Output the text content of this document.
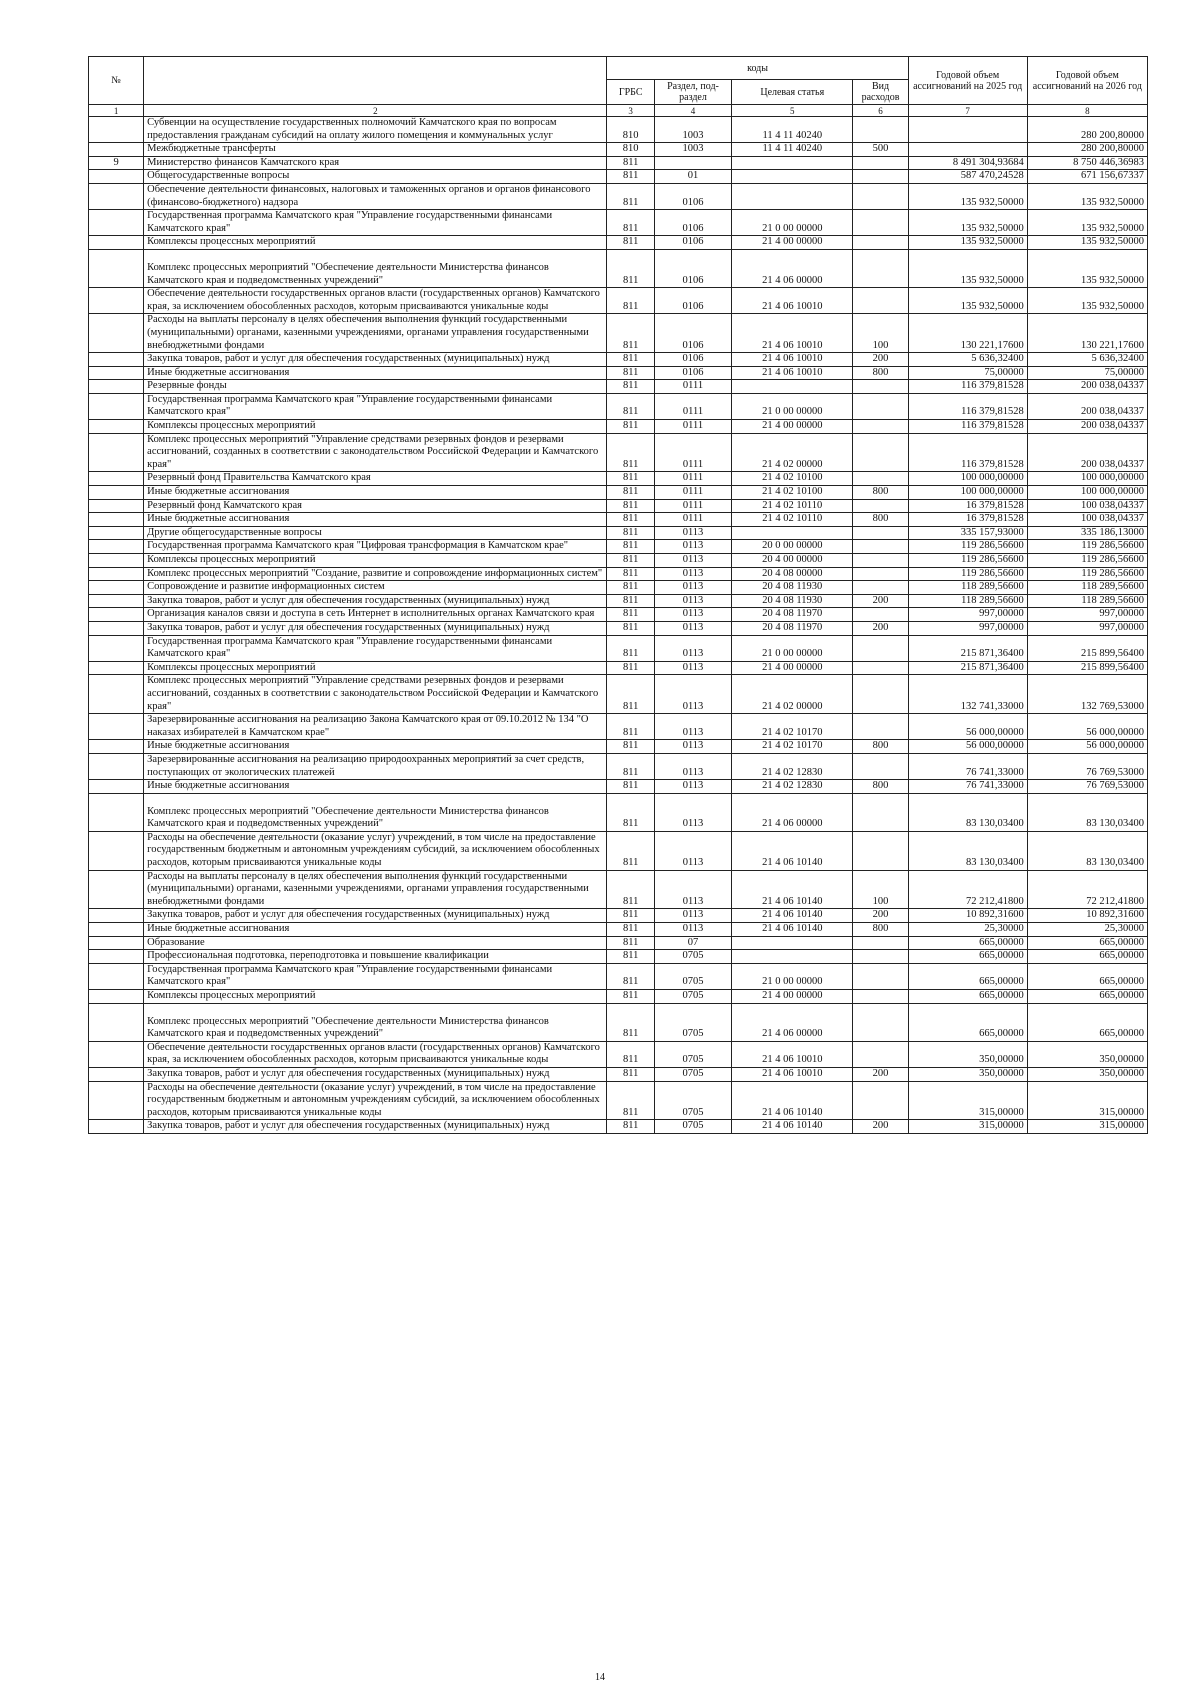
№		коды				Годовой объем ассигнований на 2025 год	Годовой объем ассигнований на 2026 год
		ГРБС	Раздел, под-раздел	Целевая статья	Вид расходов		
1	2	3	4	5	6	7	8
	Субвенции на осуществление государственных полномочий Камчатского края по вопросам предоставления гражданам субсидий на оплату жилого помещения и коммунальных услуг	810	1003	11 4 11 40240			280 200,80000
	Межбюджетные трансферты	810	1003	11 4 11 40240	500		280 200,80000
9	Министерство финансов Камчатского края	811				8 491 304,93684	8 750 446,36983
	Общегосударственные вопросы	811	01			587 470,24528	671 156,67337
	Обеспечение деятельности финансовых, налоговых и таможенных органов и органов финансового (финансово-бюджетного) надзора	811	0106			135 932,50000	135 932,50000
	Государственная программа Камчатского края "Управление государственными финансами Камчатского края"	811	0106	21 0 00 00000		135 932,50000	135 932,50000
	Комплексы процессных мероприятий	811	0106	21 4 00 00000		135 932,50000	135 932,50000
	Комплекс процессных мероприятий "Обеспечение деятельности Министерства финансов Камчатского края и подведомственных учреждений"	811	0106	21 4 06 00000		135 932,50000	135 932,50000
	Обеспечение деятельности государственных органов власти (государственных органов) Камчатского края, за исключением обособленных расходов, которым присваиваются уникальные коды	811	0106	21 4 06 10010		135 932,50000	135 932,50000
	Расходы на выплаты персоналу в целях обеспечения выполнения функций государственными (муниципальными) органами, казенными учреждениями, органами управления государственными внебюджетными фондами	811	0106	21 4 06 10010	100	130 221,17600	130 221,17600
	Закупка товаров, работ и услуг для обеспечения государственных (муниципальных) нужд	811	0106	21 4 06 10010	200	5 636,32400	5 636,32400
	Иные бюджетные ассигнования	811	0106	21 4 06 10010	800	75,00000	75,00000
	Резервные фонды	811	0111			116 379,81528	200 038,04337
	Государственная программа Камчатского края "Управление государственными финансами Камчатского края"	811	0111	21 0 00 00000		116 379,81528	200 038,04337
	Комплексы процессных мероприятий	811	0111	21 4 00 00000		116 379,81528	200 038,04337
	Комплекс процессных мероприятий "Управление средствами резервных фондов и резервами ассигнований, созданных в соответствии с законодательством Российской Федерации и Камчатского края"	811	0111	21 4 02 00000		116 379,81528	200 038,04337
	Резервный фонд Правительства Камчатского края	811	0111	21 4 02 10100		100 000,00000	100 000,00000
	Иные бюджетные ассигнования	811	0111	21 4 02 10100	800	100 000,00000	100 000,00000
	Резервный фонд Камчатского края	811	0111	21 4 02 10110		16 379,81528	100 038,04337
	Иные бюджетные ассигнования	811	0111	21 4 02 10110	800	16 379,81528	100 038,04337
	Другие общегосударственные вопросы	811	0113			335 157,93000	335 186,13000
	Государственная программа Камчатского края "Цифровая трансформация в Камчатском крае"	811	0113	20 0 00 00000		119 286,56600	119 286,56600
	Комплексы процессных мероприятий	811	0113	20 4 00 00000		119 286,56600	119 286,56600
	Комплекс процессных мероприятий "Создание, развитие и сопровождение информационных систем"	811	0113	20 4 08 00000		119 286,56600	119 286,56600
	Сопровождение и развитие информационных систем	811	0113	20 4 08 11930		118 289,56600	118 289,56600
	Закупка товаров, работ и услуг для обеспечения государственных (муниципальных) нужд	811	0113	20 4 08 11930	200	118 289,56600	118 289,56600
	Организация каналов связи и доступа в сеть Интернет в исполнительных органах Камчатского края	811	0113	20 4 08 11970		997,00000	997,00000
	Закупка товаров, работ и услуг для обеспечения государственных (муниципальных) нужд	811	0113	20 4 08 11970	200	997,00000	997,00000
	Государственная программа Камчатского края "Управление государственными финансами Камчатского края"	811	0113	21 0 00 00000		215 871,36400	215 899,56400
	Комплексы процессных мероприятий	811	0113	21 4 00 00000		215 871,36400	215 899,56400
	Комплекс процессных мероприятий "Управление средствами резервных фондов и резервами ассигнований, созданных в соответствии с законодательством Российской Федерации и Камчатского края"	811	0113	21 4 02 00000		132 741,33000	132 769,53000
	Зарезервированные ассигнования на реализацию Закона Камчатского края от 09.10.2012 № 134 "О наказах избирателей в Камчатском крае"	811	0113	21 4 02 10170		56 000,00000	56 000,00000
	Иные бюджетные ассигнования	811	0113	21 4 02 10170	800	56 000,00000	56 000,00000
	Зарезервированные ассигнования на реализацию природоохранных мероприятий за счет средств, поступающих от экологических платежей	811	0113	21 4 02 12830		76 741,33000	76 769,53000
	Иные бюджетные ассигнования	811	0113	21 4 02 12830	800	76 741,33000	76 769,53000
	Комплекс процессных мероприятий "Обеспечение деятельности Министерства финансов Камчатского края и подведомственных учреждений"	811	0113	21 4 06 00000		83 130,03400	83 130,03400
	Расходы на обеспечение деятельности (оказание услуг) учреждений, в том числе на предоставление государственным бюджетным и автономным учреждениям субсидий, за исключением обособленных расходов, которым присваиваются уникальные коды	811	0113	21 4 06 10140		83 130,03400	83 130,03400
	Расходы на выплаты персоналу в целях обеспечения выполнения функций государственными (муниципальными) органами, казенными учреждениями, органами управления государственными внебюджетными фондами	811	0113	21 4 06 10140	100	72 212,41800	72 212,41800
	Закупка товаров, работ и услуг для обеспечения государственных (муниципальных) нужд	811	0113	21 4 06 10140	200	10 892,31600	10 892,31600
	Иные бюджетные ассигнования	811	0113	21 4 06 10140	800	25,30000	25,30000
	Образование	811	07			665,00000	665,00000
	Профессиональная подготовка, переподготовка и повышение квалификации	811	0705			665,00000	665,00000
	Государственная программа Камчатского края "Управление государственными финансами Камчатского края"	811	0705	21 0 00 00000		665,00000	665,00000
	Комплексы процессных мероприятий	811	0705	21 4 00 00000		665,00000	665,00000
	Комплекс процессных мероприятий "Обеспечение деятельности Министерства финансов Камчатского края и подведомственных учреждений"	811	0705	21 4 06 00000		665,00000	665,00000
	Обеспечение деятельности государственных органов власти (государственных органов) Камчатского края, за исключением обособленных расходов, которым присваиваются уникальные коды	811	0705	21 4 06 10010		350,00000	350,00000
	Закупка товаров, работ и услуг для обеспечения государственных (муниципальных) нужд	811	0705	21 4 06 10010	200	350,00000	350,00000
	Расходы на обеспечение деятельности (оказание услуг) учреждений, в том числе на предоставление государственным бюджетным и автономным учреждениям субсидий, за исключением обособленных расходов, которым присваиваются уникальные коды	811	0705	21 4 06 10140		315,00000	315,00000
	Закупка товаров, работ и услуг для обеспечения государственных (муниципальных) нужд	811	0705	21 4 06 10140	200	315,00000	315,00000
14
